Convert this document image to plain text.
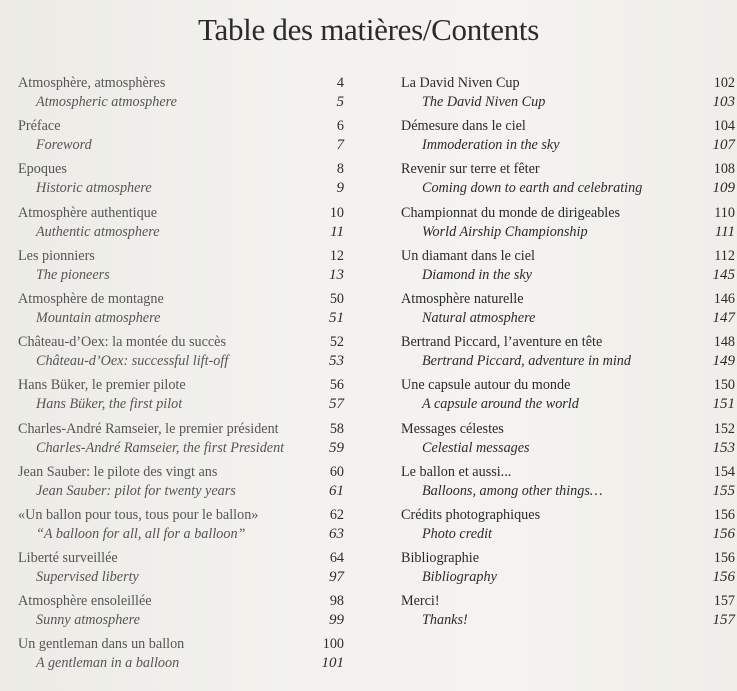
Table des matières/Contents
Atmosphère, atmosphères	4
Atmospheric atmosphere	5
Préface	6
Foreword	7
Epoques	8
Historic atmosphere	9
Atmosphère authentique	10
Authentic atmosphere	11
Les pionniers	12
The pioneers	13
Atmosphère de montagne	50
Mountain atmosphere	51
Château-d’Oex: la montée du succès	52
Château-d’Oex: successful lift-off	53
Hans Büker, le premier pilote	56
Hans Büker, the first pilot	57
Charles-André Ramseier, le premier président	58
Charles-André Ramseier, the first President	59
Jean Sauber: le pilote des vingt ans	60
Jean Sauber: pilot for twenty years	61
«Un ballon pour tous, tous pour le ballon»	62
“A balloon for all, all for a balloon”	63
Liberté surveillée	64
Supervised liberty	97
Atmosphère ensoleillée	98
Sunny atmosphere	99
Un gentleman dans un ballon	100
A gentleman in a balloon	101
La David Niven Cup	102
The David Niven Cup	103
Démesure dans le ciel	104
Immoderation in the sky	107
Revenir sur terre et fêter	108
Coming down to earth and celebrating	109
Championnat du monde de dirigeables	110
World Airship Championship	111
Un diamant dans le ciel	112
Diamond in the sky	145
Atmosphère naturelle	146
Natural atmosphere	147
Bertrand Piccard, l’aventure en tête	148
Bertrand Piccard, adventure in mind	149
Une capsule autour du monde	150
A capsule around the world	151
Messages célestes	152
Celestial messages	153
Le ballon et aussi...	154
Balloons, among other things…	155
Crédits photographiques	156
Photo credit	156
Bibliographie	156
Bibliography	156
Merci!	157
Thanks!	157
